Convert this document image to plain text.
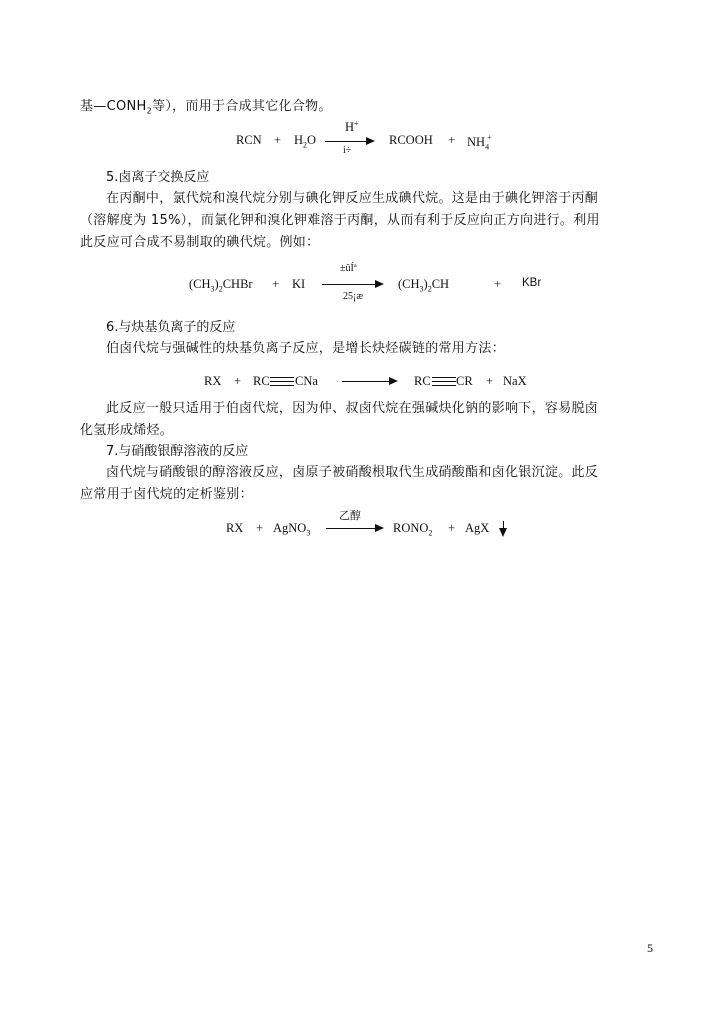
基$—CONH_2$等），而用于合成其它化合物。

RCN + $H_2O$
H+
i÷
RCOOH + $NH_4^+$

5.卤离子交换反应

在丙酮中，氯代烷和溴代烷分别与碘化钾反应生成碘代烷。这是由于碘化钾溶于丙酮

（溶解度为 15%），而氯化钾和溴化钾难溶于丙酮，从而有利于反应向正方向进行。利用

此反应可合成不易制取的碘代烷。例如：

$(CH_3)_2CHBr$ + KI
±ûÍª
25¡æ
$(CH_3)_2CH$	+ KBr

6.与炔基负离子的反应

伯卤代烷与强碱性的炔基负离子反应，是增长炔烃碳链的常用方法：

RX + RC CNa	RC CR + NaX

此反应一般只适用于伯卤代烷，因为仲、叔卤代烷在强碱炔化钠的影响下，容易脱卤

化氢形成烯烃。

7.与硝酸银醇溶液的反应

卤代烷与硝酸银的醇溶液反应，卤原子被硝酸根取代生成硝酸酯和卤化银沉淀。此反

应常用于卤代烷的定析鉴别：

RX + AgNO$_3$
乙醇
$RONO_2$ + AgX
5
